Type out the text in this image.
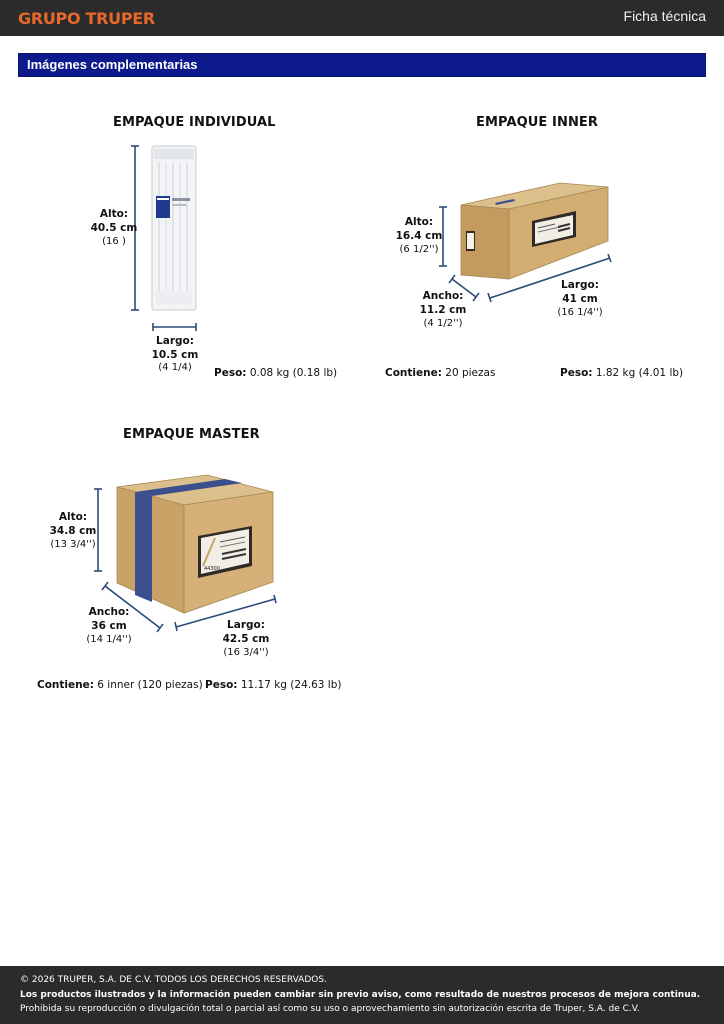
GRUPO TRUPER	Ficha técnica
Imágenes complementarias
EMPAQUE INDIVIDUAL
Alto:
40.5 cm
(16 )
Largo:
10.5 cm
(4 1/4)	Peso: 0.08 kg (0.18 lb)
EMPAQUE INNER
Alto:
16.4 cm
(6 1/2'')
Ancho:
11.2 cm
(4 1/2'')
Largo:
41 cm
(16 1/4'')
Contiene: 20 piezas	Peso: 1.82 kg (4.01 lb)
EMPAQUE MASTER
44300
Alto:
34.8 cm
(13 3/4'')
Ancho:
36 cm
(14 1/4'')
Largo:
42.5 cm
(16 3/4'')
Contiene: 6 inner (120 piezas) Peso: 11.17 kg (24.63 lb)
© 2026 TRUPER, S.A. DE C.V. TODOS LOS DERECHOS RESERVADOS.
Los productos ilustrados y la información pueden cambiar sin previo aviso, como resultado de nuestros procesos de mejora continua.
Prohibida su reproducción o divulgación total o parcial así como su uso o aprovechamiento sin autorización escrita de Truper, S.A. de C.V.
